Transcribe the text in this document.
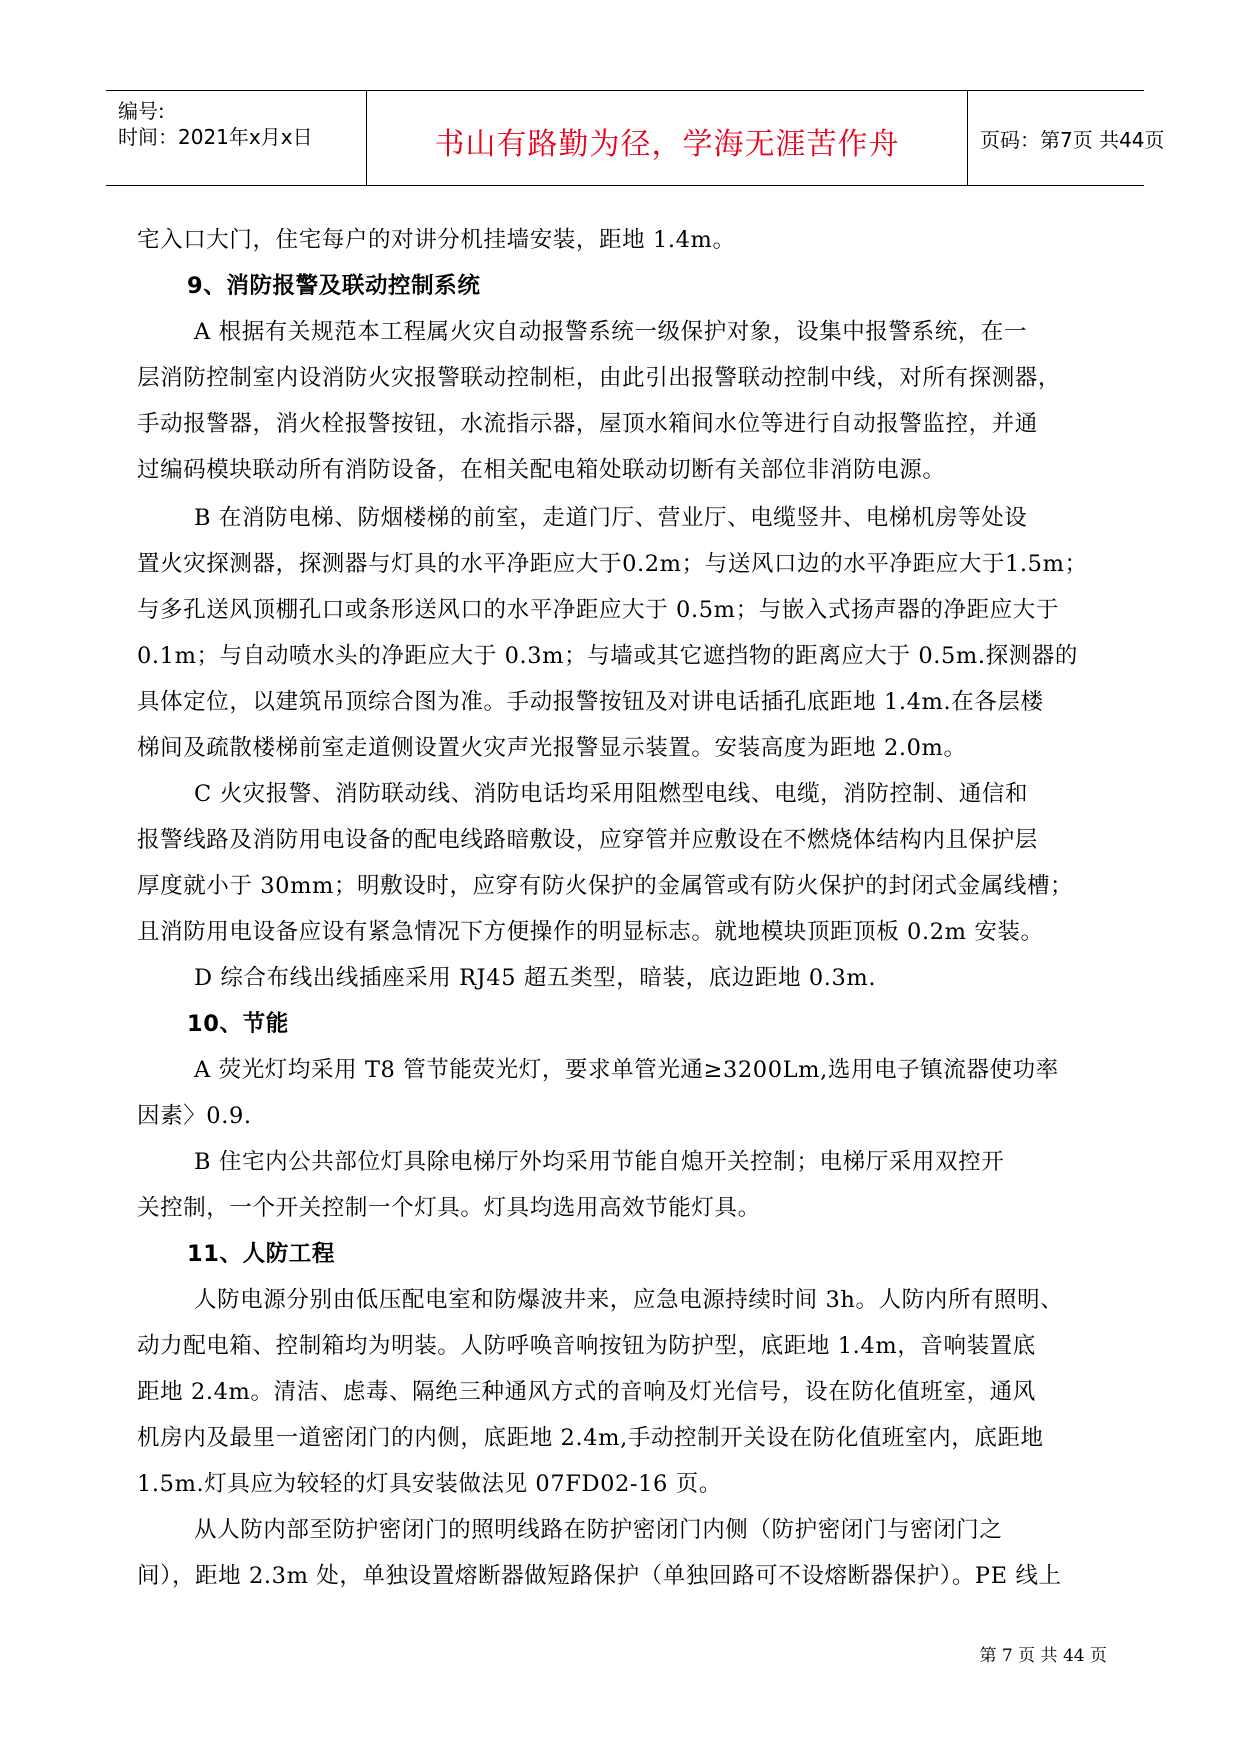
编号:
时间：2021年x月x日	书山有路勤为径，学海无涯苦作舟	页码：第7页 共44页
宅入口大门，住宅每户的对讲分机挂墙安装，距地 1.4m。
9、消防报警及联动控制系统
A 根据有关规范本工程属火灾自动报警系统一级保护对象，设集中报警系统，在一
层消防控制室内设消防火灾报警联动控制柜，由此引出报警联动控制中线，对所有探测器，
手动报警器，消火栓报警按钮，水流指示器，屋顶水箱间水位等进行自动报警监控，并通
过编码模块联动所有消防设备，在相关配电箱处联动切断有关部位非消防电源。
B 在消防电梯、防烟楼梯的前室，走道门厅、营业厅、电缆竖井、电梯机房等处设
置火灾探测器，探测器与灯具的水平净距应大于0.2m；与送风口边的水平净距应大于1.5m；
与多孔送风顶棚孔口或条形送风口的水平净距应大于 0.5m；与嵌入式扬声器的净距应大于
0.1m；与自动喷水头的净距应大于 0.3m；与墙或其它遮挡物的距离应大于 0.5m.探测器的
具体定位，以建筑吊顶综合图为准。手动报警按钮及对讲电话插孔底距地 1.4m.在各层楼
梯间及疏散楼梯前室走道侧设置火灾声光报警显示装置。安装高度为距地 2.0m。
C 火灾报警、消防联动线、消防电话均采用阻燃型电线、电缆，消防控制、通信和
报警线路及消防用电设备的配电线路暗敷设，应穿管并应敷设在不燃烧体结构内且保护层
厚度就小于 30mm；明敷设时，应穿有防火保护的金属管或有防火保护的封闭式金属线槽；
且消防用电设备应设有紧急情况下方便操作的明显标志。就地模块顶距顶板 0.2m 安装。
D 综合布线出线插座采用 RJ45 超五类型，暗装，底边距地 0.3m.
10、节能
A 荧光灯均采用 T8 管节能荧光灯，要求单管光通≥3200Lm,选用电子镇流器使功率
因素〉0.9.
B 住宅内公共部位灯具除电梯厅外均采用节能自熄开关控制；电梯厅采用双控开
关控制，一个开关控制一个灯具。灯具均选用高效节能灯具。
11、人防工程
人防电源分别由低压配电室和防爆波井来，应急电源持续时间 3h。人防内所有照明、
动力配电箱、控制箱均为明装。人防呼唤音响按钮为防护型，底距地 1.4m，音响装置底
距地 2.4m。清洁、虑毒、隔绝三种通风方式的音响及灯光信号，设在防化值班室，通风
机房内及最里一道密闭门的内侧，底距地 2.4m,手动控制开关设在防化值班室内，底距地
1.5m.灯具应为较轻的灯具安装做法见 07FD02-16 页。
从人防内部至防护密闭门的照明线路在防护密闭门内侧（防护密闭门与密闭门之
间），距地 2.3m 处，单独设置熔断器做短路保护（单独回路可不设熔断器保护）。PE 线上
第 7 页 共 44 页
